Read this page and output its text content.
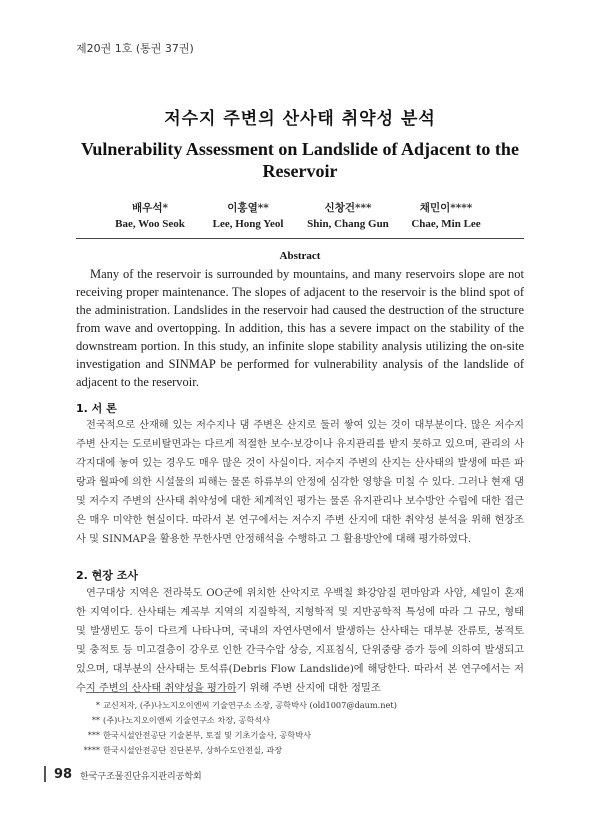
제20권 1호 (통권 37권)
저수지 주변의 산사태 취약성 분석
Vulnerability Assessment on Landslide of Adjacent to the Reservoir
배우석*
Bae, Woo Seok
이홍열**
Lee, Hong Yeol
신창건***
Shin, Chang Gun
채민이****
Chae, Min Lee
Abstract
Many of the reservoir is surrounded by mountains, and many reservoirs slope are not receiving proper maintenance. The slopes of adjacent to the reservoir is the blind spot of the administration. Landslides in the reservoir had caused the destruction of the structure from wave and overtopping. In addition, this has a severe impact on the stability of the downstream portion. In this study, an infinite slope stability analysis utilizing the on-site investigation and SINMAP be performed for vulnerability analysis of the landslide of adjacent to the reservoir.
1. 서 론
전국적으로 산재해 있는 저수지나 댐 주변은 산지로 둘러 쌓여 있는 것이 대부분이다. 많은 저수지 주변 산지는 도로비탈면과는 다르게 적절한 보수·보강이나 유지관리를 받지 못하고 있으며, 관리의 사각지대에 놓여 있는 경우도 매우 많은 것이 사실이다. 저수지 주변의 산지는 산사태의 발생에 따른 파랑과 월파에 의한 시설물의 피해는 물론 하류부의 안정에 심각한 영향을 미칠 수 있다. 그러나 현재 댐 및 저수지 주변의 산사태 취약성에 대한 체계적인 평가는 물론 유지관리나 보수방안 수립에 대한 접근은 매우 미약한 현실이다. 따라서 본 연구에서는 저수지 주변 산지에 대한 취약성 분석을 위해 현장조사 및 SINMAP을 활용한 무한사면 안정해석을 수행하고 그 활용방안에 대해 평가하였다.
2. 현장 조사
연구대상 지역은 전라북도 OO군에 위치한 산악지로 우백칠 화강암질 편마암과 사암, 셰일이 혼재한 지역이다. 산사태는 계곡부 지역의 지질학적, 지형학적 및 지반공학적 특성에 따라 그 규모, 형태 및 발생빈도 등이 다르게 나타나며, 국내의 자연사면에서 발생하는 산사태는 대부분 잔류토, 붕적토 및 충적토 등 미고결층이 강우로 인한 간극수압 상승, 지표침식, 단위중량 증가 등에 의하여 발생되고 있으며, 대부분의 산사태는 토석류(Debris Flow Landslide)에 해당한다. 따라서 본 연구에서는 저수지 주변의 산사태 취약성을 평가하기 위해 주변 산지에 대한 정밀조
* 교신저자, (주)나노지오이엔씨 기술연구소 소장, 공학박사 (old1007@daum.net)
** (주)나노지오이엔씨 기술연구소 차장, 공학석사
*** 한국시설안전공단 기술본부, 토질 및 기초기술사, 공학박사
**** 한국시설안전공단 진단본부, 상하수도안전실, 과장
98 한국구조물진단유지관리공학회
